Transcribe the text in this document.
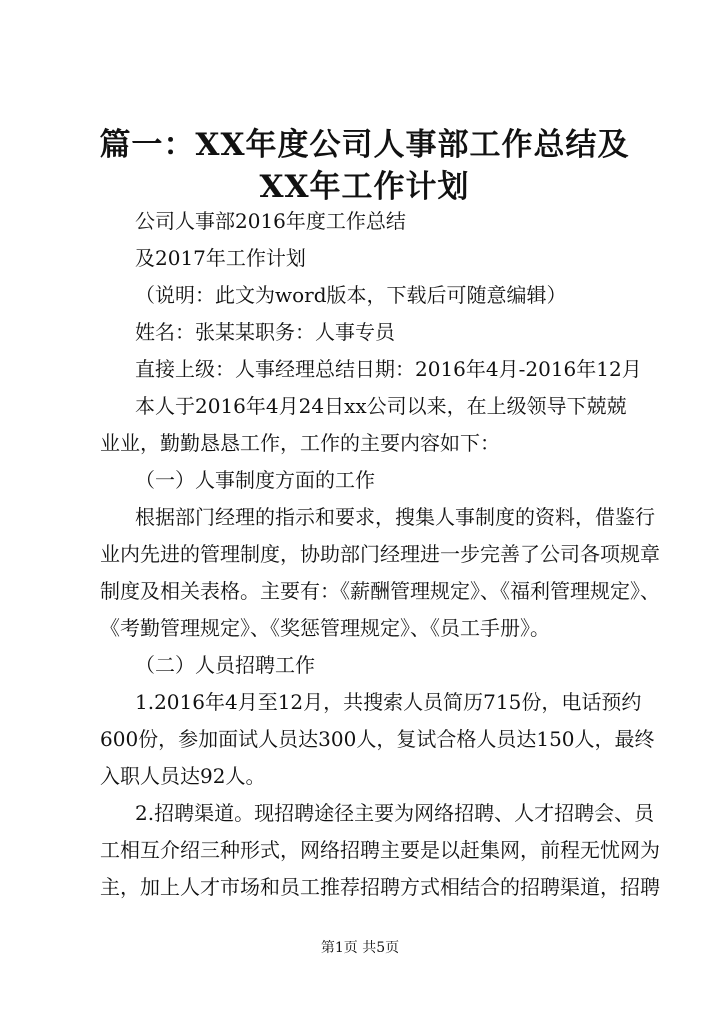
篇一：XX年度公司人事部工作总结及XX年工作计划

公司人事部2016年度工作总结

及2017年工作计划

（说明：此文为word版本，下载后可随意编辑）

姓名：张某某职务：人事专员

直接上级：人事经理总结日期：2016年4月-2016年12月

本人于2016年4月24日xx公司以来，在上级领导下兢兢

业业，勤勤恳恳工作，工作的主要内容如下：

（一）人事制度方面的工作

根据部门经理的指示和要求，搜集人事制度的资料，借鉴行

业内先进的管理制度，协助部门经理进一步完善了公司各项规章

制度及相关表格。主要有：《薪酬管理规定》、《福利管理规定》、

《考勤管理规定》、《奖惩管理规定》、《员工手册》。

（二）人员招聘工作

1.2016年4月至12月，共搜索人员简历715份，电话预约

600份，参加面试人员达300人，复试合格人员达150人，最终

入职人员达92人。

2.招聘渠道。现招聘途径主要为网络招聘、人才招聘会、员

工相互介绍三种形式，网络招聘主要是以赶集网，前程无忧网为

主，加上人才市场和员工推荐招聘方式相结合的招聘渠道，招聘

第1页 共5页
